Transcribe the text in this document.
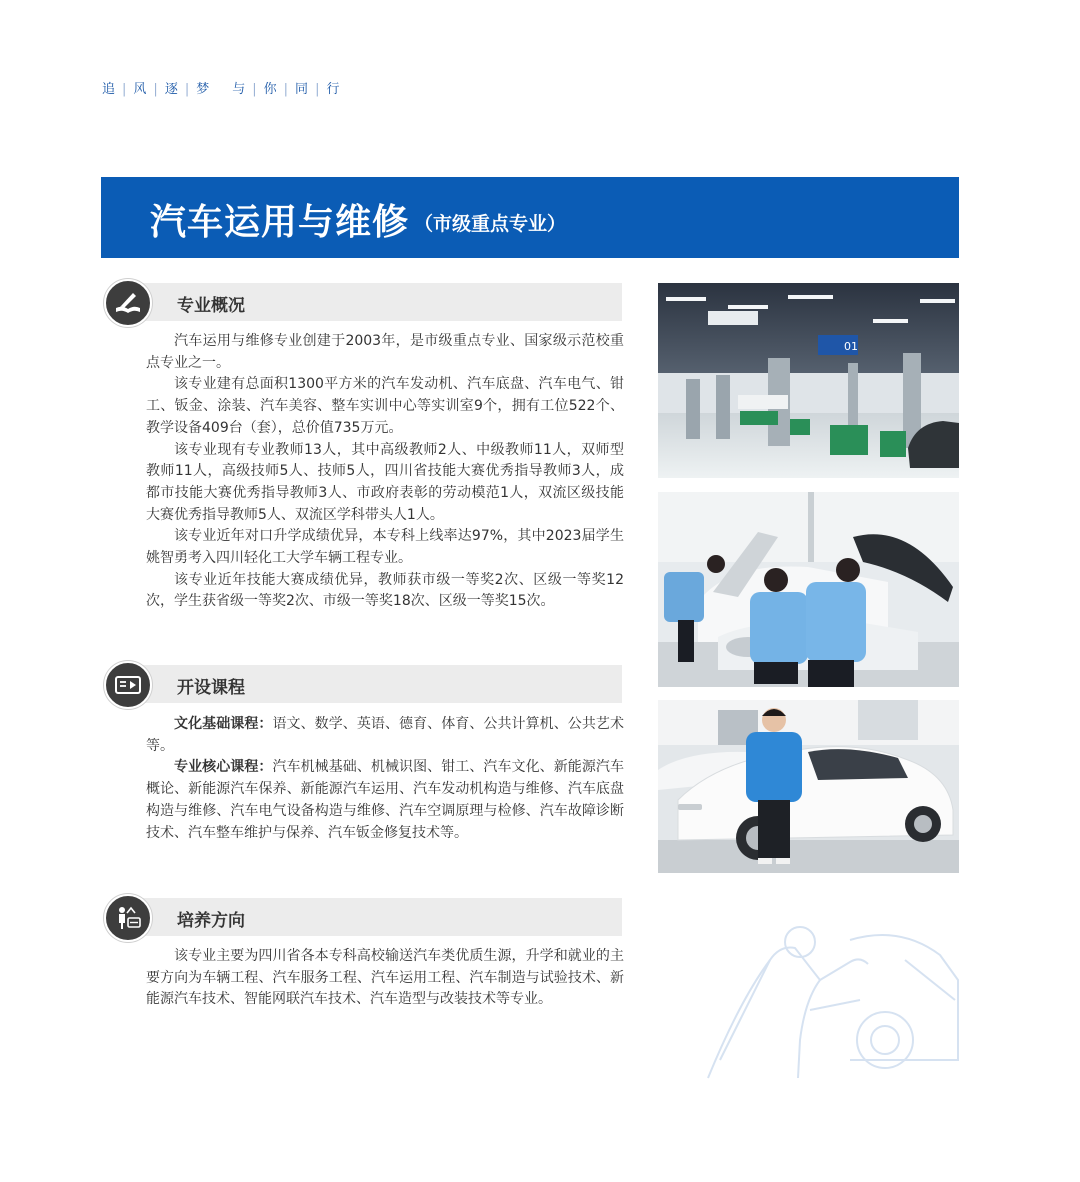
追 | 风 | 逐 | 梦 与 | 你 | 同 | 行
汽车运用与维修 （市级重点专业）
专业概况

汽车运用与维修专业创建于2003年，是市级重点专业、国家级示范校重点专业之一。

该专业建有总面积1300平方米的汽车发动机、汽车底盘、汽车电气、钳工、钣金、涂装、汽车美容、整车实训中心等实训室9个，拥有工位522个、教学设备409台（套），总价值735万元。

该专业现有专业教师13人，其中高级教师2人、中级教师11人，双师型教师11人，高级技师5人、技师5人，四川省技能大赛优秀指导教师3人，成都市技能大赛优秀指导教师3人、市政府表彰的劳动模范1人，双流区级技能大赛优秀指导教师5人、双流区学科带头人1人。

该专业近年对口升学成绩优异，本专科上线率达97%，其中2023届学生姚智勇考入四川轻化工大学车辆工程专业。

该专业近年技能大赛成绩优异，教师获市级一等奖2次、区级一等奖12次，学生获省级一等奖2次、市级一等奖18次、区级一等奖15次。

开设课程

文化基础课程：语文、数学、英语、德育、体育、公共计算机、公共艺术等。

专业核心课程：汽车机械基础、机械识图、钳工、汽车文化、新能源汽车概论、新能源汽车保养、新能源汽车运用、汽车发动机构造与维修、汽车底盘构造与维修、汽车电气设备构造与维修、汽车空调原理与检修、汽车故障诊断技术、汽车整车维护与保养、汽车钣金修复技术等。

培养方向

该专业主要为四川省各本专科高校输送汽车类优质生源，升学和就业的主要方向为车辆工程、汽车服务工程、汽车运用工程、汽车制造与试验技术、新能源汽车技术、智能网联汽车技术、汽车造型与改装技术等专业。

01
